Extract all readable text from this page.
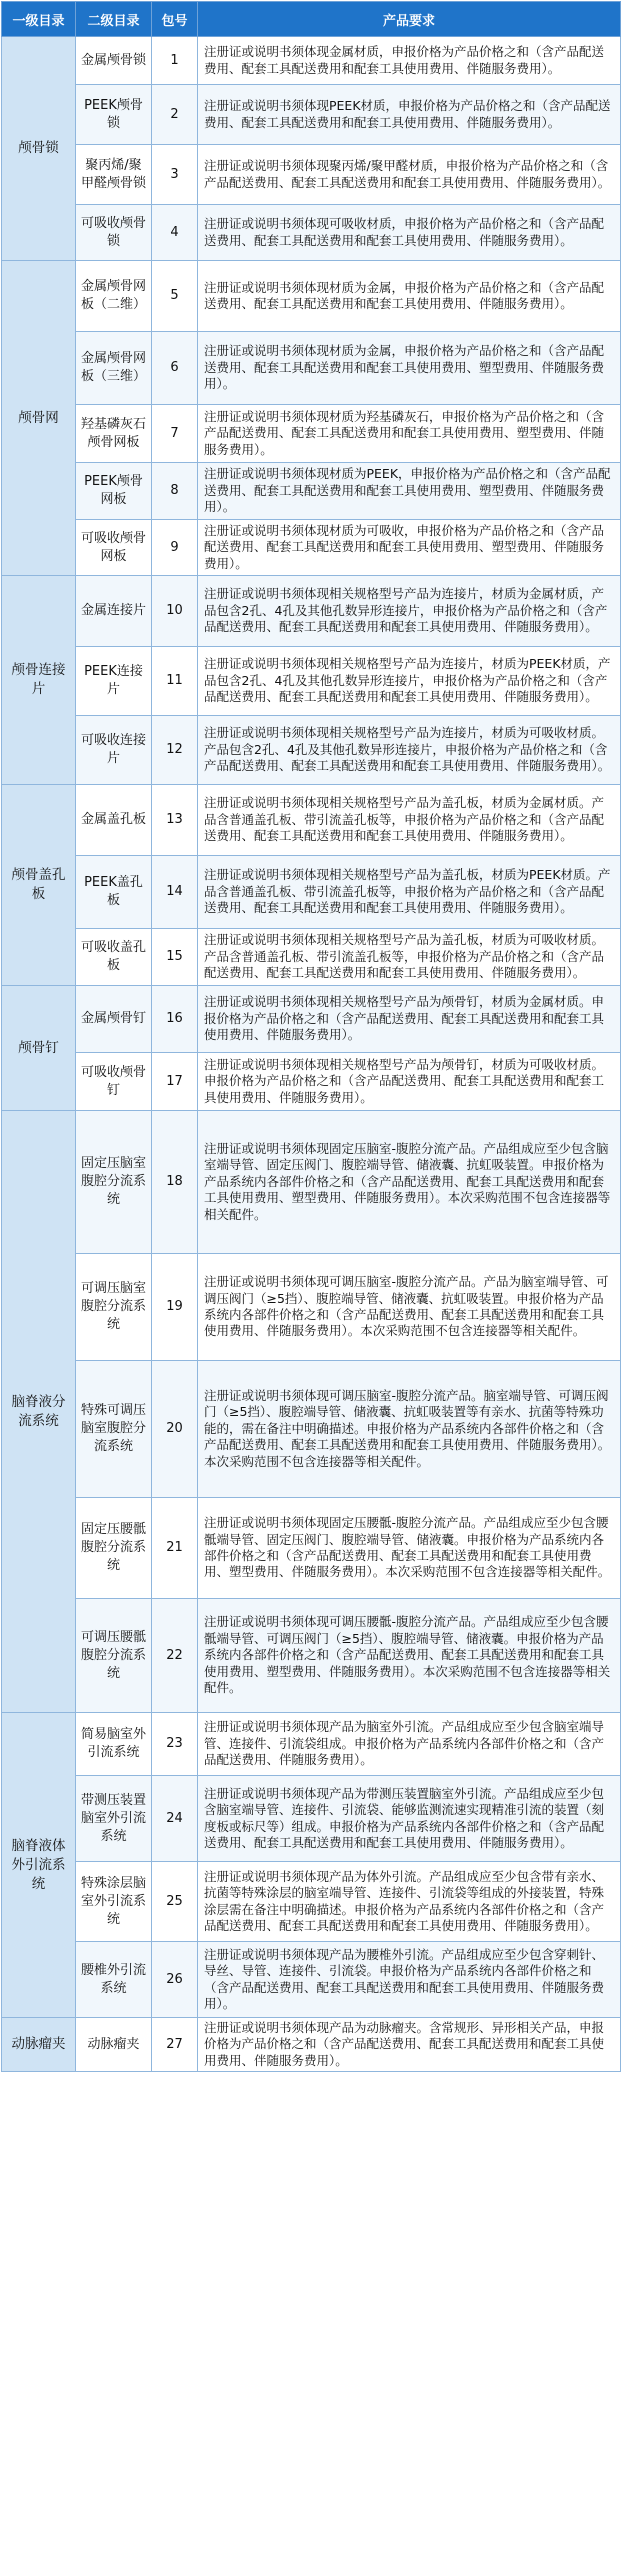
一级目录	二级目录	包号	产品要求
颅骨锁	金属颅骨锁	1	注册证或说明书须体现金属材质，申报价格为产品价格之和（含产品配送费用、配套工具配送费用和配套工具使用费用、伴随服务费用）。
	PEEK颅骨锁	2	注册证或说明书须体现PEEK材质，申报价格为产品价格之和（含产品配送费用、配套工具配送费用和配套工具使用费用、伴随服务费用）。
	聚丙烯/聚甲醛颅骨锁	3	注册证或说明书须体现聚丙烯/聚甲醛材质，申报价格为产品价格之和（含产品配送费用、配套工具配送费用和配套工具使用费用、伴随服务费用）。
	可吸收颅骨锁	4	注册证或说明书须体现可吸收材质，申报价格为产品价格之和（含产品配送费用、配套工具配送费用和配套工具使用费用、伴随服务费用）。
颅骨网	金属颅骨网板（二维）	5	注册证或说明书须体现材质为金属，申报价格为产品价格之和（含产品配送费用、配套工具配送费用和配套工具使用费用、伴随服务费用）。
	金属颅骨网板（三维）	6	注册证或说明书须体现材质为金属，申报价格为产品价格之和（含产品配送费用、配套工具配送费用和配套工具使用费用、塑型费用、伴随服务费用）。
	羟基磷灰石颅骨网板	7	注册证或说明书须体现材质为羟基磷灰石，申报价格为产品价格之和（含产品配送费用、配套工具配送费用和配套工具使用费用、塑型费用、伴随服务费用）。
	PEEK颅骨网板	8	注册证或说明书须体现材质为PEEK，申报价格为产品价格之和（含产品配送费用、配套工具配送费用和配套工具使用费用、塑型费用、伴随服务费用）。
	可吸收颅骨网板	9	注册证或说明书须体现材质为可吸收，申报价格为产品价格之和（含产品配送费用、配套工具配送费用和配套工具使用费用、塑型费用、伴随服务费用）。
颅骨连接片	金属连接片	10	注册证或说明书须体现相关规格型号产品为连接片，材质为金属材质，产品包含2孔、4孔及其他孔数异形连接片，申报价格为产品价格之和（含产品配送费用、配套工具配送费用和配套工具使用费用、伴随服务费用）。
	PEEK连接片	11	注册证或说明书须体现相关规格型号产品为连接片，材质为PEEK材质，产品包含2孔、4孔及其他孔数异形连接片，申报价格为产品价格之和（含产品配送费用、配套工具配送费用和配套工具使用费用、伴随服务费用）。
	可吸收连接片	12	注册证或说明书须体现相关规格型号产品为连接片，材质为可吸收材质。产品包含2孔、4孔及其他孔数异形连接片，申报价格为产品价格之和（含产品配送费用、配套工具配送费用和配套工具使用费用、伴随服务费用）。
颅骨盖孔板	金属盖孔板	13	注册证或说明书须体现相关规格型号产品为盖孔板，材质为金属材质。产品含普通盖孔板、带引流盖孔板等，申报价格为产品价格之和（含产品配送费用、配套工具配送费用和配套工具使用费用、伴随服务费用）。
	PEEK盖孔板	14	注册证或说明书须体现相关规格型号产品为盖孔板，材质为PEEK材质。产品含普通盖孔板、带引流盖孔板等，申报价格为产品价格之和（含产品配送费用、配套工具配送费用和配套工具使用费用、伴随服务费用）。
	可吸收盖孔板	15	注册证或说明书须体现相关规格型号产品为盖孔板，材质为可吸收材质。产品含普通盖孔板、带引流盖孔板等，申报价格为产品价格之和（含产品配送费用、配套工具配送费用和配套工具使用费用、伴随服务费用）。
颅骨钉	金属颅骨钉	16	注册证或说明书须体现相关规格型号产品为颅骨钉，材质为金属材质。申报价格为产品价格之和（含产品配送费用、配套工具配送费用和配套工具使用费用、伴随服务费用）。
	可吸收颅骨钉	17	注册证或说明书须体现相关规格型号产品为颅骨钉，材质为可吸收材质。申报价格为产品价格之和（含产品配送费用、配套工具配送费用和配套工具使用费用、伴随服务费用）。
脑脊液分流系统	固定压脑室腹腔分流系统	18	注册证或说明书须体现固定压脑室-腹腔分流产品。产品组成应至少包含脑室端导管、固定压阀门、腹腔端导管、储液囊、抗虹吸装置。申报价格为产品系统内各部件价格之和（含产品配送费用、配套工具配送费用和配套工具使用费用、塑型费用、伴随服务费用）。本次采购范围不包含连接器等相关配件。
	可调压脑室腹腔分流系统	19	注册证或说明书须体现可调压脑室-腹腔分流产品。产品为脑室端导管、可调压阀门（≥5挡）、腹腔端导管、储液囊、抗虹吸装置。申报价格为产品系统内各部件价格之和（含产品配送费用、配套工具配送费用和配套工具使用费用、伴随服务费用）。本次采购范围不包含连接器等相关配件。
	特殊可调压脑室腹腔分流系统	20	注册证或说明书须体现可调压脑室-腹腔分流产品。脑室端导管、可调压阀门（≥5挡）、腹腔端导管、储液囊、抗虹吸装置等有亲水、抗菌等特殊功能的，需在备注中明确描述。申报价格为产品系统内各部件价格之和（含产品配送费用、配套工具配送费用和配套工具使用费用、伴随服务费用）。本次采购范围不包含连接器等相关配件。
	固定压腰骶腹腔分流系统	21	注册证或说明书须体现固定压腰骶-腹腔分流产品。产品组成应至少包含腰骶端导管、固定压阀门、腹腔端导管、储液囊。申报价格为产品系统内各部件价格之和（含产品配送费用、配套工具配送费用和配套工具使用费用、塑型费用、伴随服务费用）。本次采购范围不包含连接器等相关配件。
	可调压腰骶腹腔分流系统	22	注册证或说明书须体现可调压腰骶-腹腔分流产品。产品组成应至少包含腰骶端导管、可调压阀门（≥5挡）、腹腔端导管、储液囊。申报价格为产品系统内各部件价格之和（含产品配送费用、配套工具配送费用和配套工具使用费用、塑型费用、伴随服务费用）。本次采购范围不包含连接器等相关配件。
脑脊液体外引流系统	简易脑室外引流系统	23	注册证或说明书须体现产品为脑室外引流。产品组成应至少包含脑室端导管、连接件、引流袋组成。申报价格为产品系统内各部件价格之和（含产品配送费用、伴随服务费用）。
	带测压装置脑室外引流系统	24	注册证或说明书须体现产品为带测压装置脑室外引流。产品组成应至少包含脑室端导管、连接件、引流袋、能够监测流速实现精准引流的装置（刻度板或标尺等）组成。申报价格为产品系统内各部件价格之和（含产品配送费用、配套工具配送费用和配套工具使用费用、伴随服务费用）。
	特殊涂层脑室外引流系统	25	注册证或说明书须体现产品为体外引流。产品组成应至少包含带有亲水、抗菌等特殊涂层的脑室端导管、连接件、引流袋等组成的外接装置，特殊涂层需在备注中明确描述。申报价格为产品系统内各部件价格之和（含产品配送费用、配套工具配送费用和配套工具使用费用、伴随服务费用）。
	腰椎外引流系统	26	注册证或说明书须体现产品为腰椎外引流。产品组成应至少包含穿刺针、导丝、导管、连接件、引流袋。申报价格为产品系统内各部件价格之和（含产品配送费用、配套工具配送费用和配套工具使用费用、伴随服务费用）。
动脉瘤夹	动脉瘤夹	27	注册证或说明书须体现产品为动脉瘤夹。含常规形、异形相关产品，申报价格为产品价格之和（含产品配送费用、配套工具配送费用和配套工具使用费用、伴随服务费用）。
